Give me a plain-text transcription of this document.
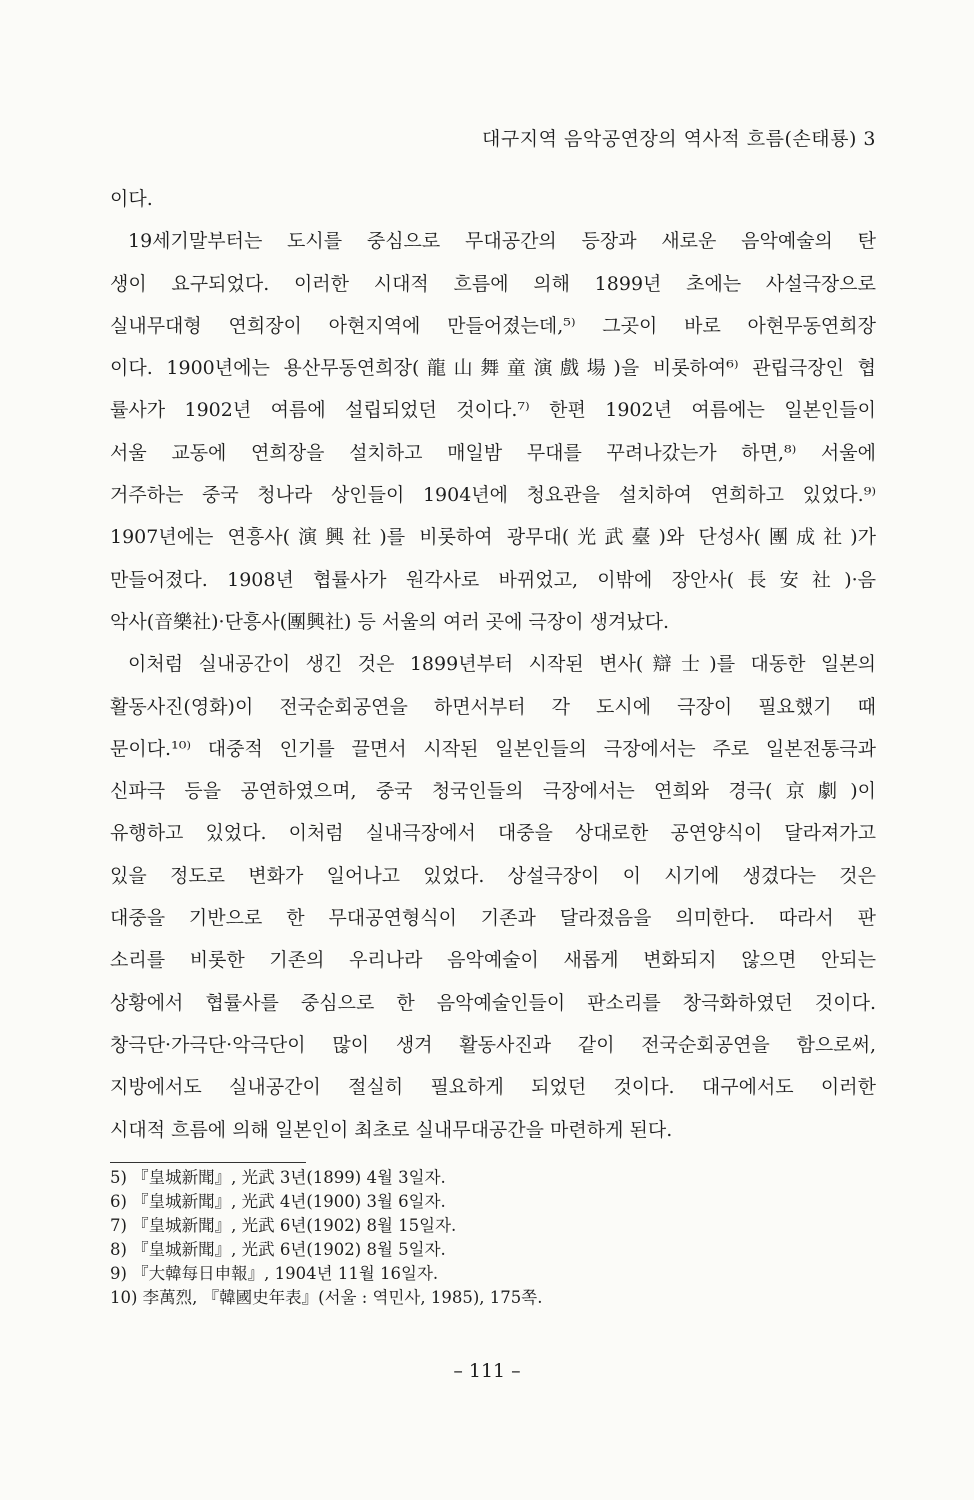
대구지역 음악공연장의 역사적 흐름(손태룡) 3
이다.
19세기말부터는 도시를 중심으로 무대공간의 등장과 새로운 음악예술의 탄
생이 요구되었다. 이러한 시대적 흐름에 의해 1899년 초에는 사설극장으로
실내무대형 연희장이 아현지역에 만들어졌는데,⁵⁾ 그곳이 바로 아현무동연희장
이다. 1900년에는 용산무동연희장(龍山舞童演戲場)을 비롯하여⁶⁾ 관립극장인 협
률사가 1902년 여름에 설립되었던 것이다.⁷⁾ 한편 1902년 여름에는 일본인들이
서울 교동에 연희장을 설치하고 매일밤 무대를 꾸려나갔는가 하면,⁸⁾ 서울에
거주하는 중국 청나라 상인들이 1904년에 청요관을 설치하여 연희하고 있었다.⁹⁾
1907년에는 연흥사(演興社)를 비롯하여 광무대(光武臺)와 단성사(團成社)가
만들어졌다. 1908년 협률사가 원각사로 바뀌었고, 이밖에 장안사(長安社)·음
악사(音樂社)·단흥사(團興社) 등 서울의 여러 곳에 극장이 생겨났다.
이처럼 실내공간이 생긴 것은 1899년부터 시작된 변사(辯士)를 대동한 일본의
활동사진(영화)이 전국순회공연을 하면서부터 각 도시에 극장이 필요했기 때
문이다.¹⁰⁾ 대중적 인기를 끌면서 시작된 일본인들의 극장에서는 주로 일본전통극과
신파극 등을 공연하였으며, 중국 청국인들의 극장에서는 연희와 경극(京劇)이
유행하고 있었다. 이처럼 실내극장에서 대중을 상대로한 공연양식이 달라져가고
있을 정도로 변화가 일어나고 있었다. 상설극장이 이 시기에 생겼다는 것은
대중을 기반으로 한 무대공연형식이 기존과 달라졌음을 의미한다. 따라서 판
소리를 비롯한 기존의 우리나라 음악예술이 새롭게 변화되지 않으면 안되는
상황에서 협률사를 중심으로 한 음악예술인들이 판소리를 창극화하였던 것이다.
창극단·가극단·악극단이 많이 생겨 활동사진과 같이 전국순회공연을 함으로써,
지방에서도 실내공간이 절실히 필요하게 되었던 것이다. 대구에서도 이러한
시대적 흐름에 의해 일본인이 최초로 실내무대공간을 마련하게 된다.
5) 『皇城新聞』, 光武 3년(1899) 4월 3일자.
6) 『皇城新聞』, 光武 4년(1900) 3월 6일자.
7) 『皇城新聞』, 光武 6년(1902) 8월 15일자.
8) 『皇城新聞』, 光武 6년(1902) 8월 5일자.
9) 『大韓每日申報』, 1904년 11월 16일자.
10) 李萬烈, 『韓國史年表』(서울 : 역민사, 1985), 175쪽.
– 111 –
